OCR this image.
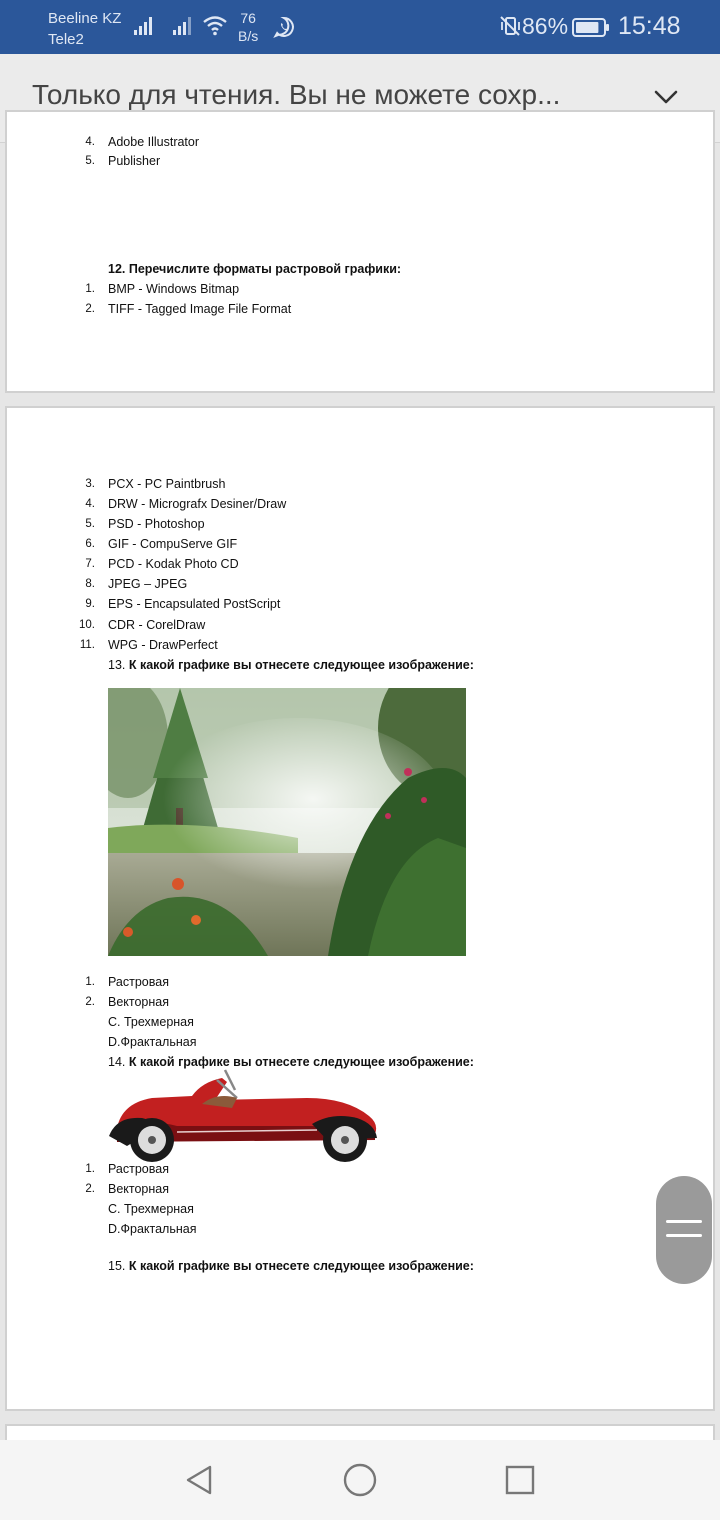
Beeline KZ
Tele2
76
B/s	86% 15:48
Только для чтения. Вы не можете сохр...
4. Adobe Illustrator
5. Publisher
12. Перечислите форматы растровой графики:
1. BMP - Windows Bitmap
2. TIFF - Tagged Image File Format
3. PCX - PC Paintbrush
4. DRW - Micrografx Desiner/Draw
5. PSD - Photoshop
6. GIF - CompuServe GIF
7. PCD - Kodak Photo CD
8. JPEG – JPEG
9. EPS - Encapsulated PostScript
10. CDR - CorelDraw
11. WPG - DrawPerfect
13. К какой графике вы отнесете следующее изображение:
1. Растровая
2. Векторная
С. Трехмерная
D.Фрактальная
14. К какой графике вы отнесете следующее изображение:
1. Растровая
2. Векторная
С. Трехмерная
D.Фрактальная
15. К какой графике вы отнесете следующее изображение:
